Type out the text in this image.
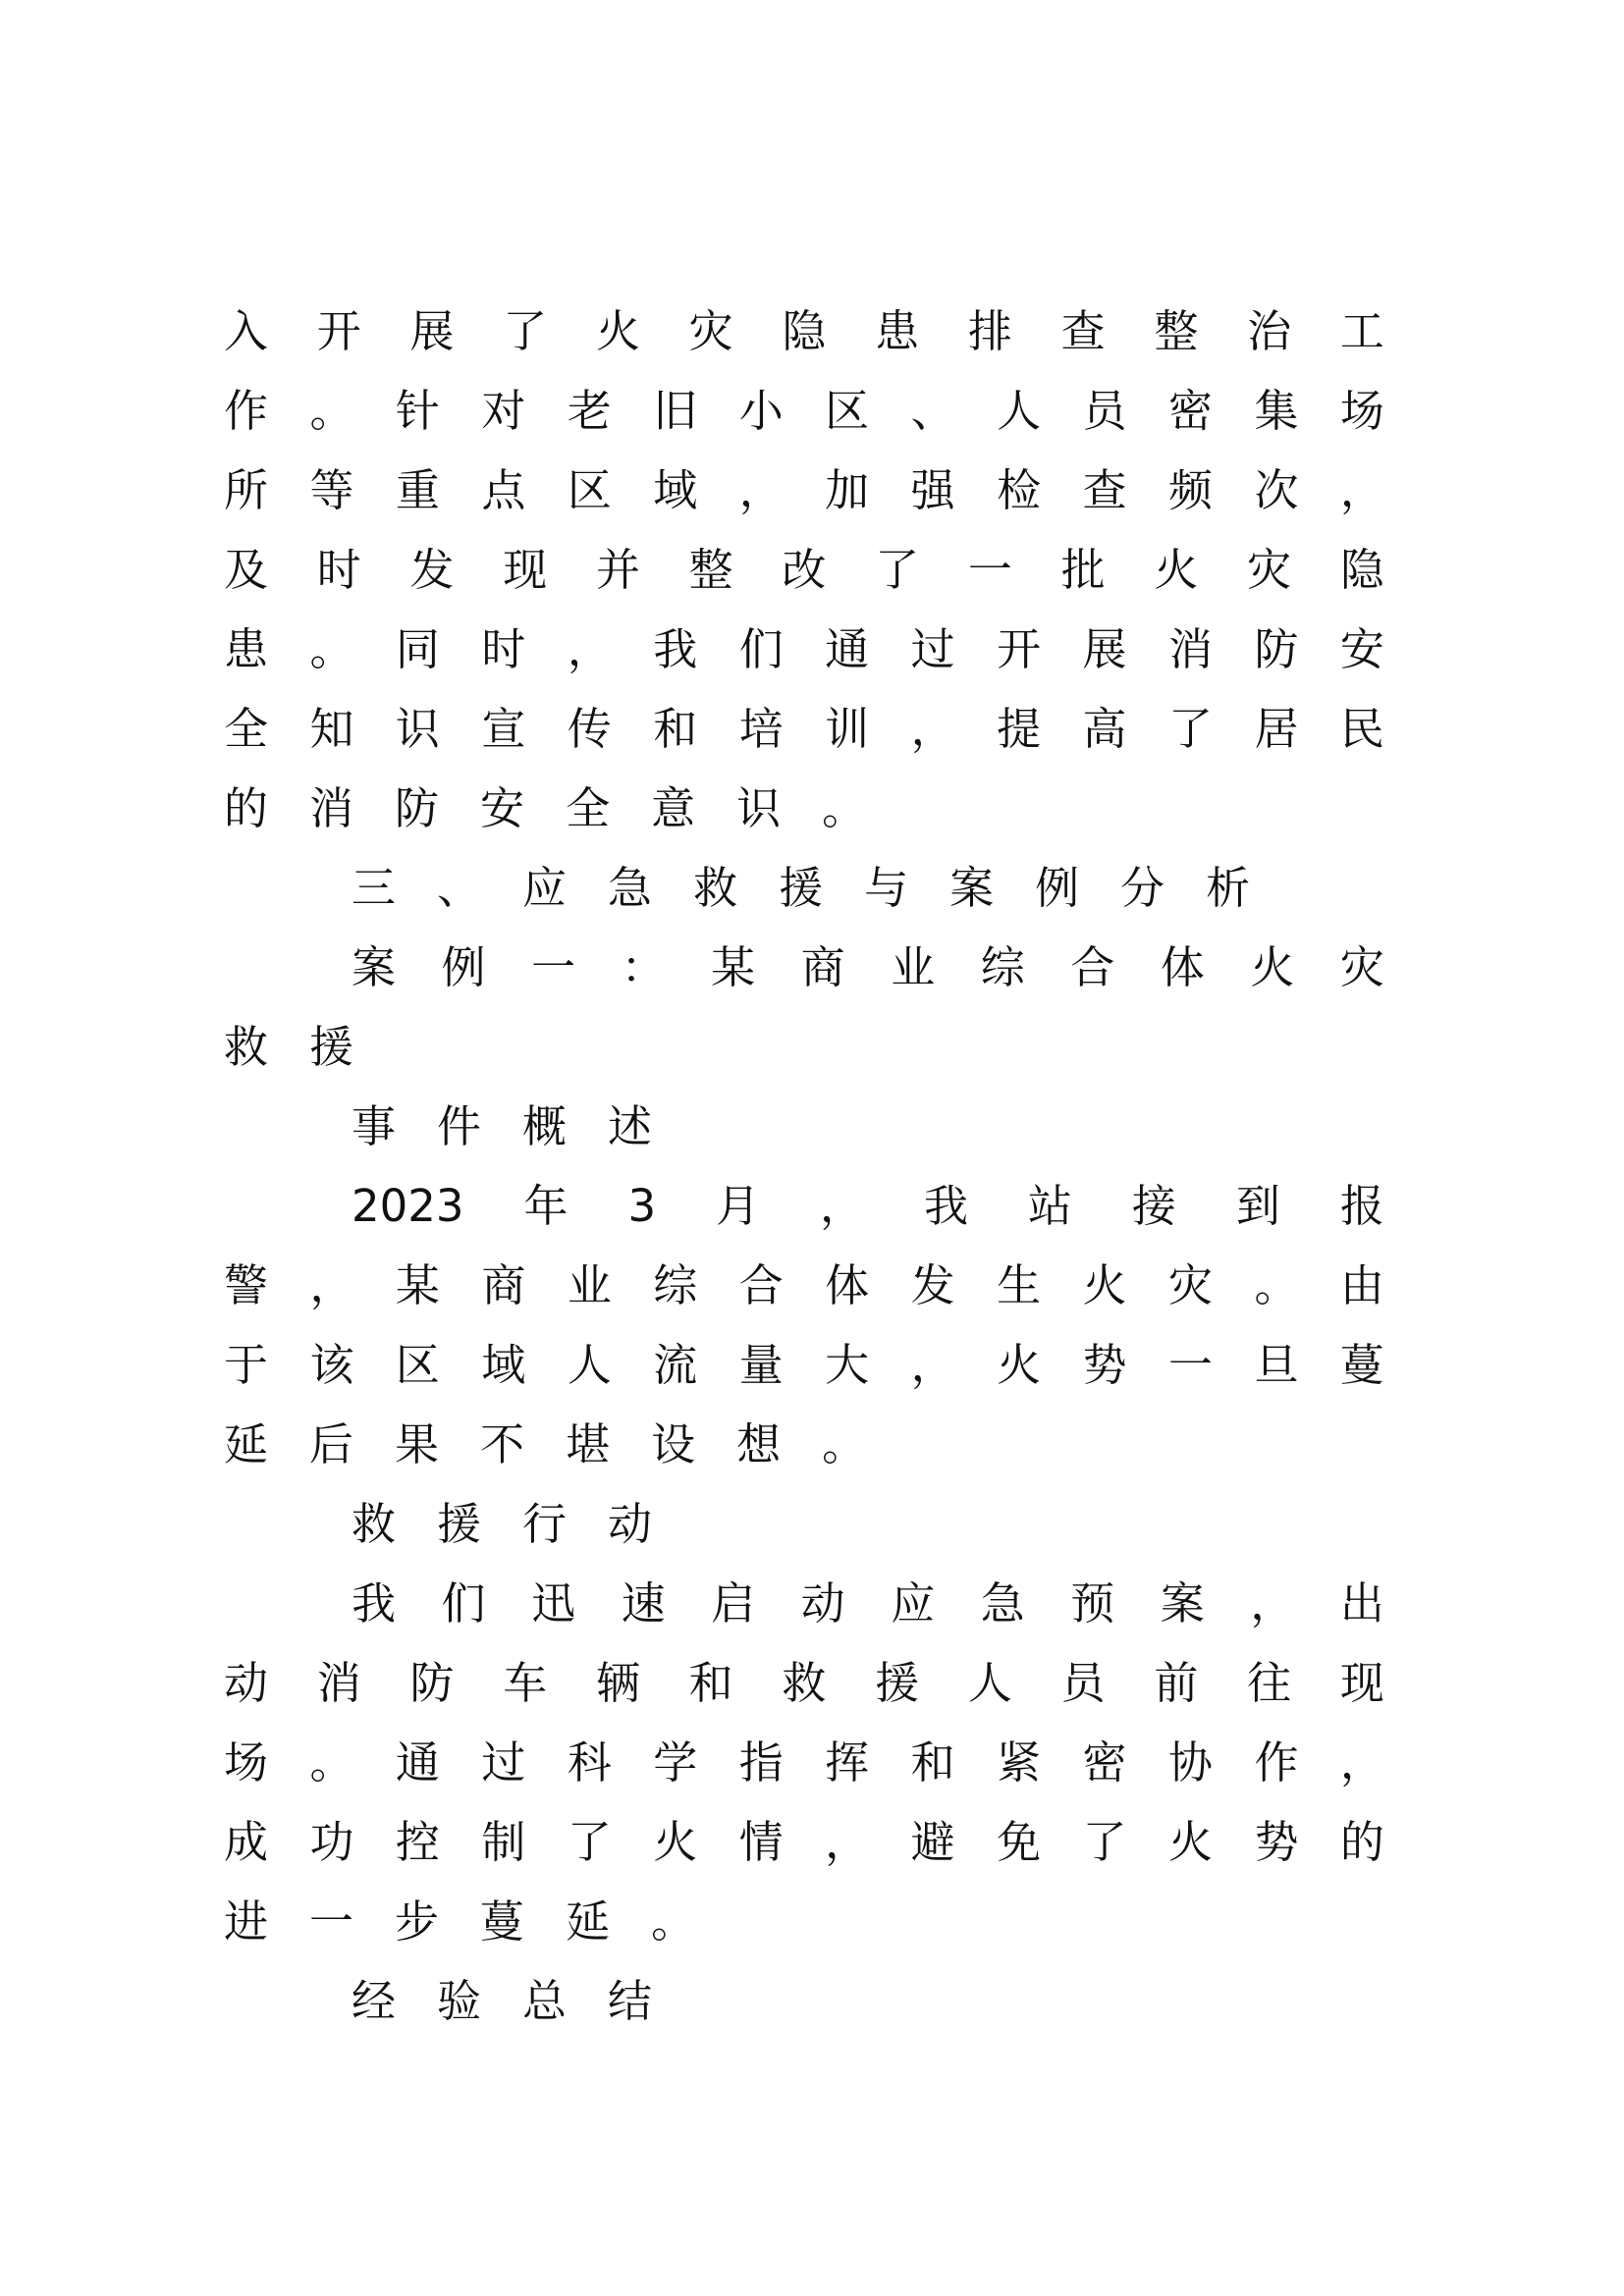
入 开 展 了 火 灾 隐 患 排 查 整 治 工
作 。 针 对 老 旧 小 区 、 人 员 密 集 场
所 等 重 点 区 域 ， 加 强 检 查 频 次 ，
及 时 发 现 并 整 改 了 一 批 火 灾 隐
患 。 同 时 ， 我 们 通 过 开 展 消 防 安
全 知 识 宣 传 和 培 训 ， 提 高 了 居 民
的 消 防 安 全 意 识 。
三 、 应 急 救 援 与 案 例 分 析
案 例 一 ： 某 商 业 综 合 体 火 灾
救 援
事 件 概 述
2023 年 3 月 ， 我 站 接 到 报
警 ， 某 商 业 综 合 体 发 生 火 灾 。 由
于 该 区 域 人 流 量 大 ， 火 势 一 旦 蔓
延 后 果 不 堪 设 想 。
救 援 行 动
我 们 迅 速 启 动 应 急 预 案 ， 出
动 消 防 车 辆 和 救 援 人 员 前 往 现
场 。 通 过 科 学 指 挥 和 紧 密 协 作 ，
成 功 控 制 了 火 情 ， 避 免 了 火 势 的
进 一 步 蔓 延 。
经 验 总 结
